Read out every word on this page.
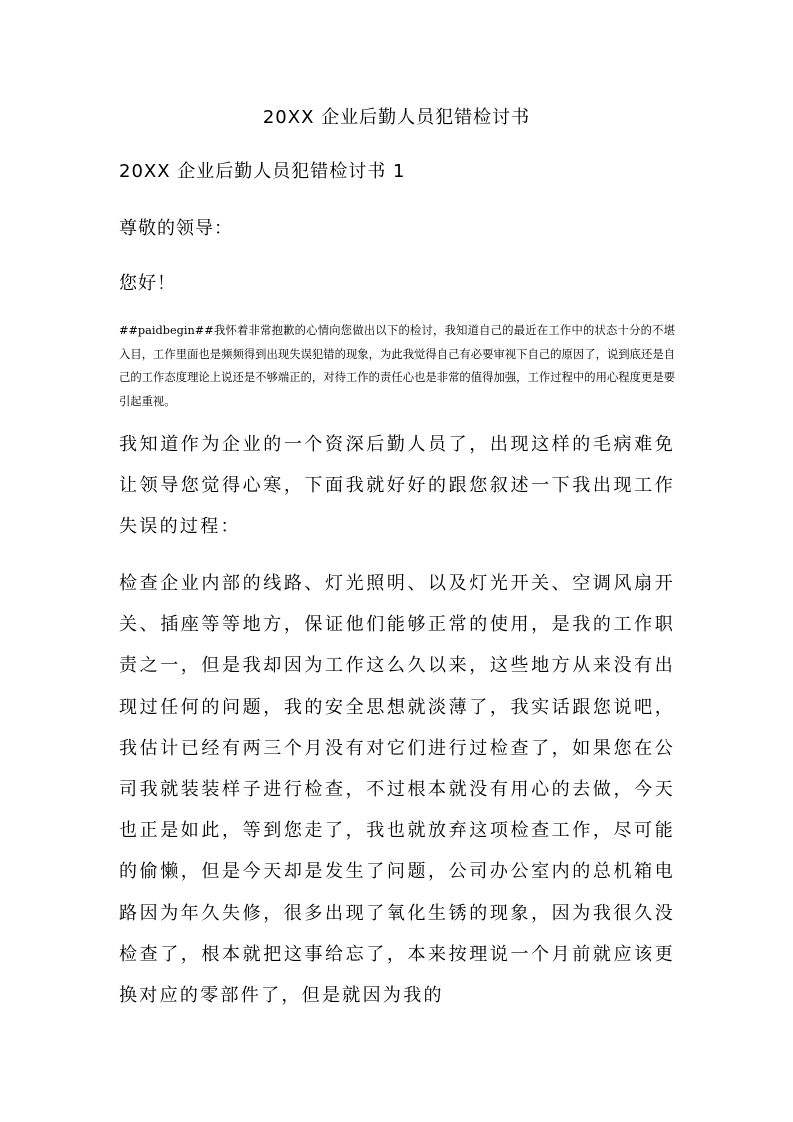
20XX 企业后勤人员犯错检讨书
20XX 企业后勤人员犯错检讨书 1

尊敬的领导：

您好！

##paidbegin##我怀着非常抱歉的心情向您做出以下的检讨，我知道自己的最近在工作中的状态十分的不堪入目，工作里面也是频频得到出现失误犯错的现象，为此我觉得自己有必要审视下自己的原因了，说到底还是自己的工作态度理论上说还是不够端正的，对待工作的责任心也是非常的值得加强，工作过程中的用心程度更是要引起重视。

我知道作为企业的一个资深后勤人员了，出现这样的毛病难免让领导您觉得心寒，下面我就好好的跟您叙述一下我出现工作失误的过程：

检查企业内部的线路、灯光照明、以及灯光开关、空调风扇开关、插座等等地方，保证他们能够正常的使用，是我的工作职责之一，但是我却因为工作这么久以来，这些地方从来没有出现过任何的问题，我的安全思想就淡薄了，我实话跟您说吧，我估计已经有两三个月没有对它们进行过检查了，如果您在公司我就装装样子进行检查，不过根本就没有用心的去做，今天也正是如此，等到您走了，我也就放弃这项检查工作，尽可能的偷懒，但是今天却是发生了问题，公司办公室内的总机箱电路因为年久失修，很多出现了氧化生锈的现象，因为我很久没检查了，根本就把这事给忘了，本来按理说一个月前就应该更换对应的零部件了，但是就因为我的
